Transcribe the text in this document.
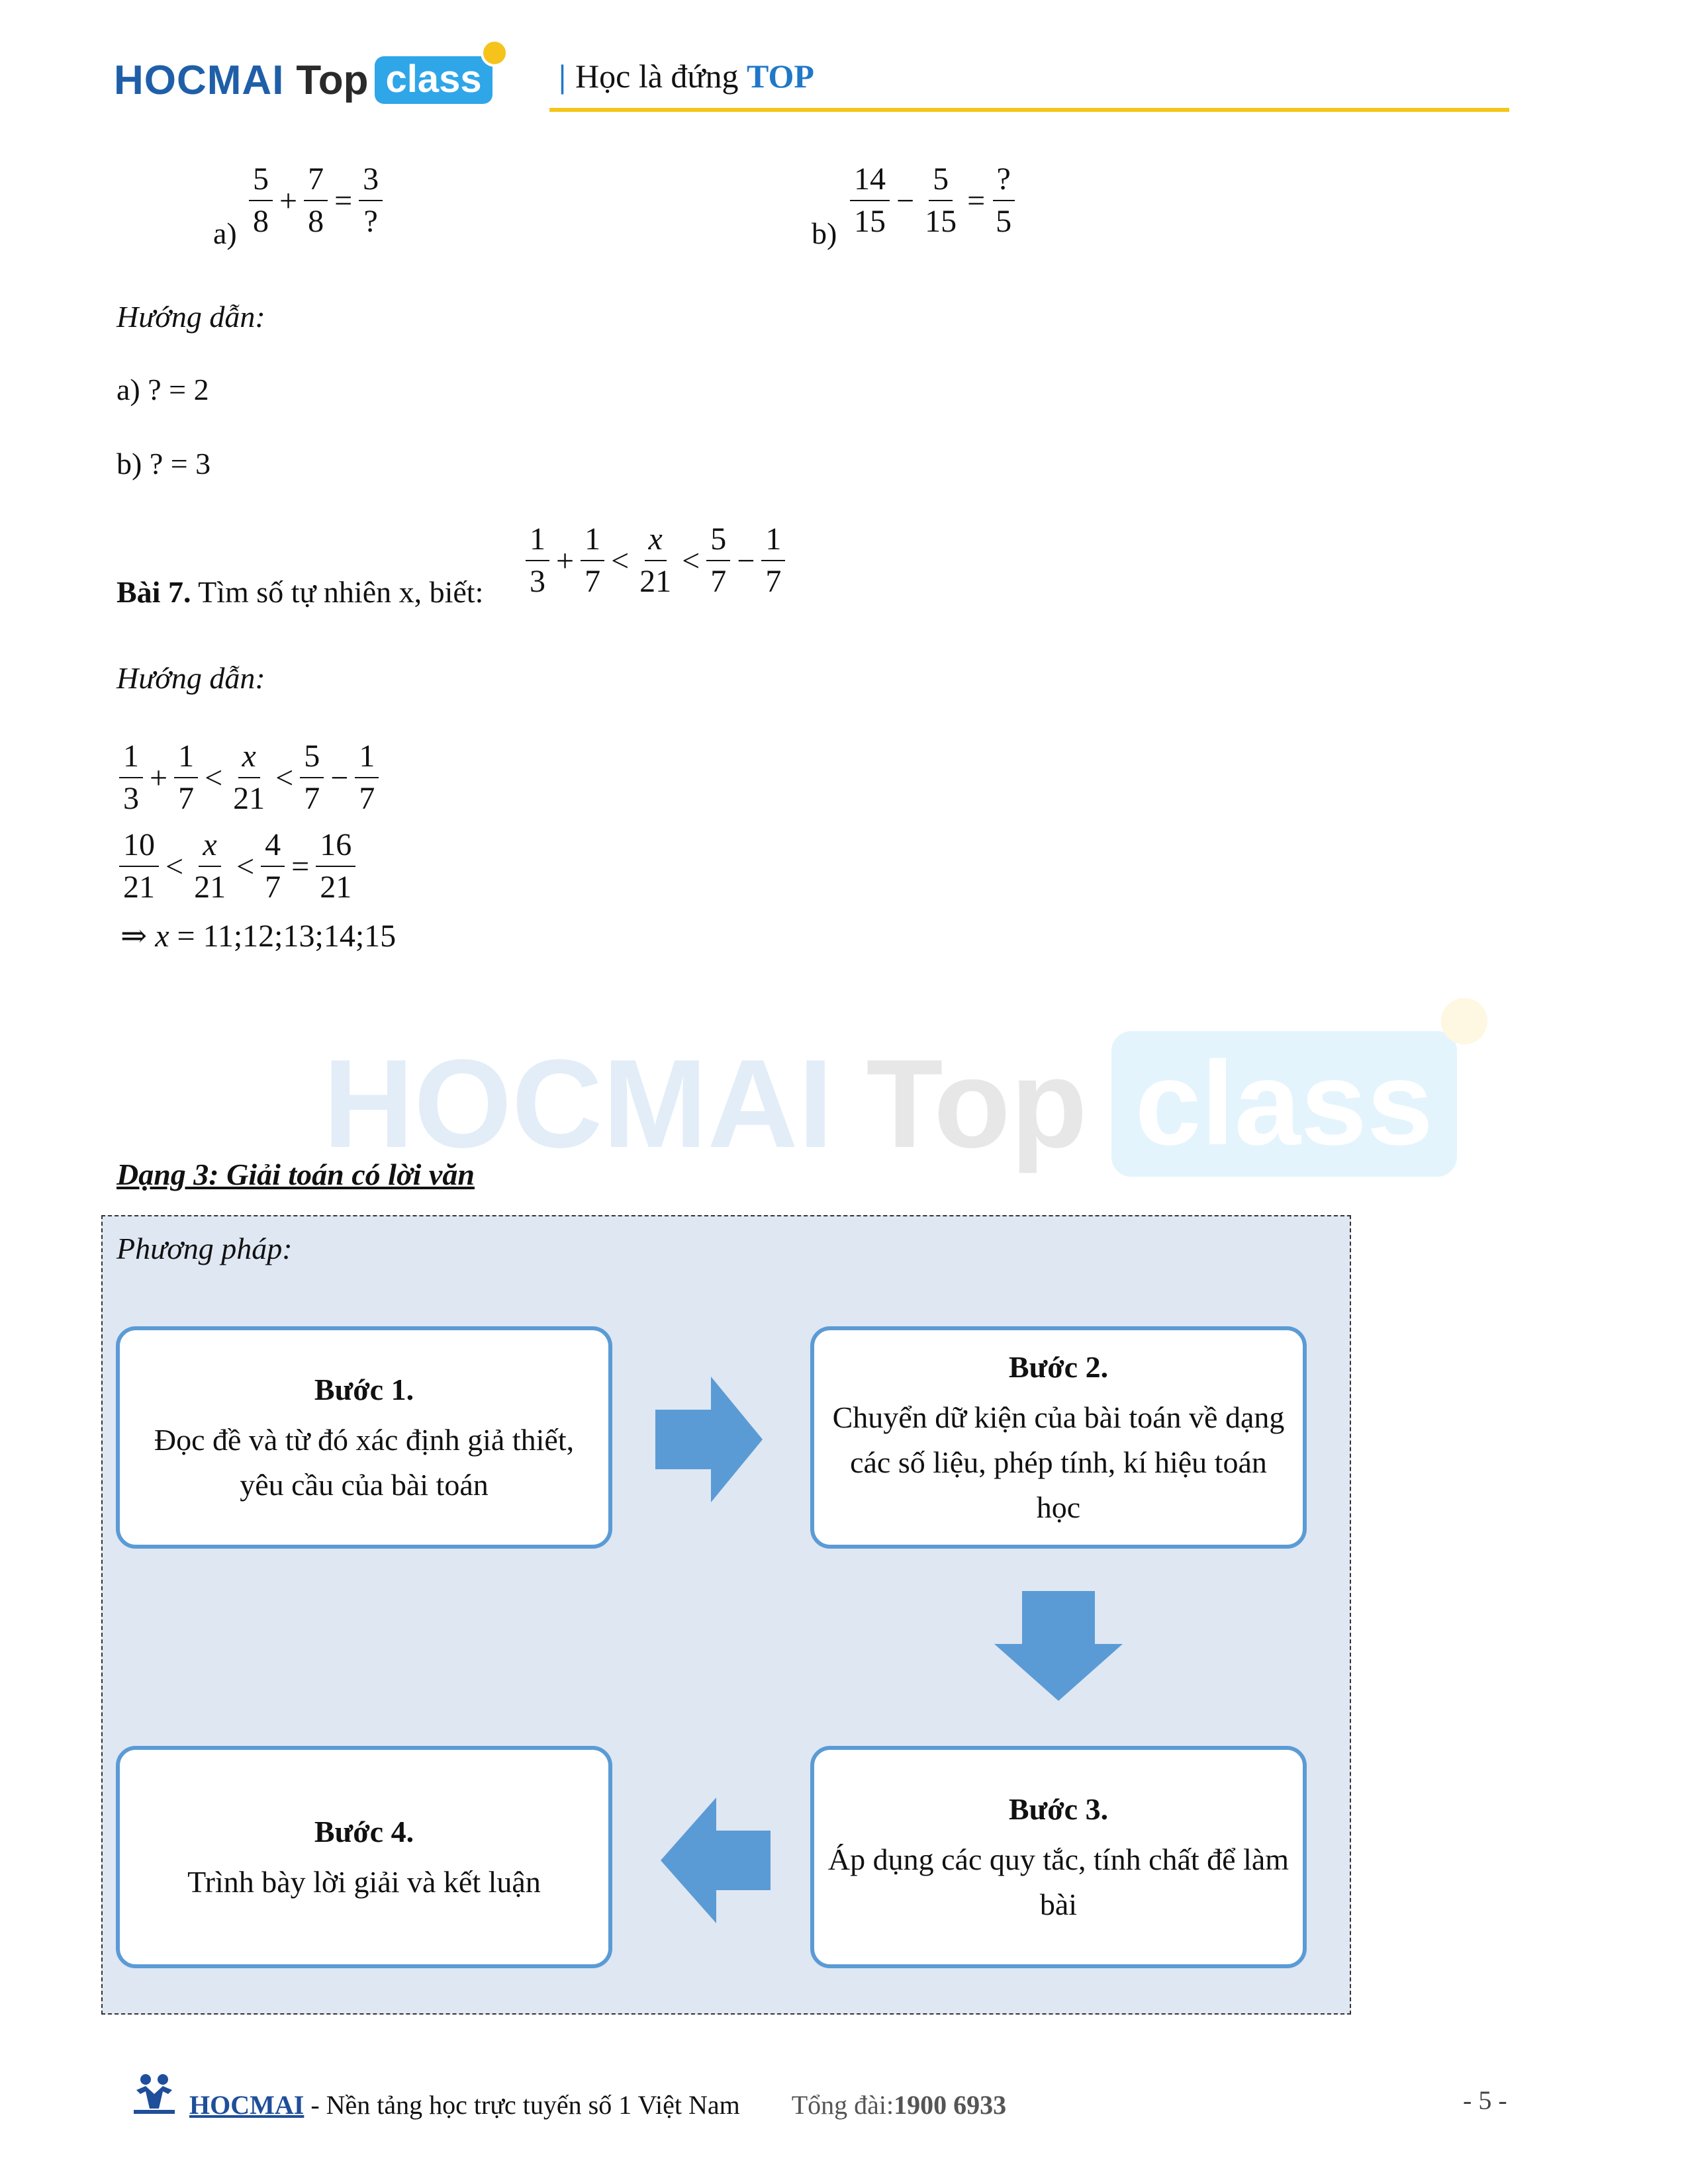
HOCMAI Top class	| Học là đứng TOP
$a) \frac{5}{8} + \frac{7}{8} = \frac{3}{?}$	$b) \frac{14}{15} - \frac{5}{15} = \frac{?}{5}$
Hướng dẫn:
a) ? = 2
b) ? = 3
Bài 7. Tìm số tự nhiên x, biết: $\frac{1}{3} + \frac{1}{7} < \frac{x}{21} < \frac{5}{7} - \frac{1}{7}$
Hướng dẫn:
$\frac{1}{3} + \frac{1}{7} < \frac{x}{21} < \frac{5}{7} - \frac{1}{7}$
$\frac{10}{21} < \frac{x}{21} < \frac{4}{7} = \frac{16}{21}$
⇒ x = 11;12;13;14;15
HOCMAI Top class
Dạng 3: Giải toán có lời văn
Phương pháp:
Bước 1.
Đọc đề và từ đó xác định giả thiết, yêu cầu của bài toán
Bước 2.
Chuyển dữ kiện của bài toán về dạng các số liệu, phép tính, kí hiệu toán học
Bước 3.
Áp dụng các quy tắc, tính chất để làm bài
Bước 4.
Trình bày lời giải và kết luận
HOCMAI - Nền tảng học trực tuyến số 1 Việt Nam Tổng đài: 1900 6933	- 5 -
